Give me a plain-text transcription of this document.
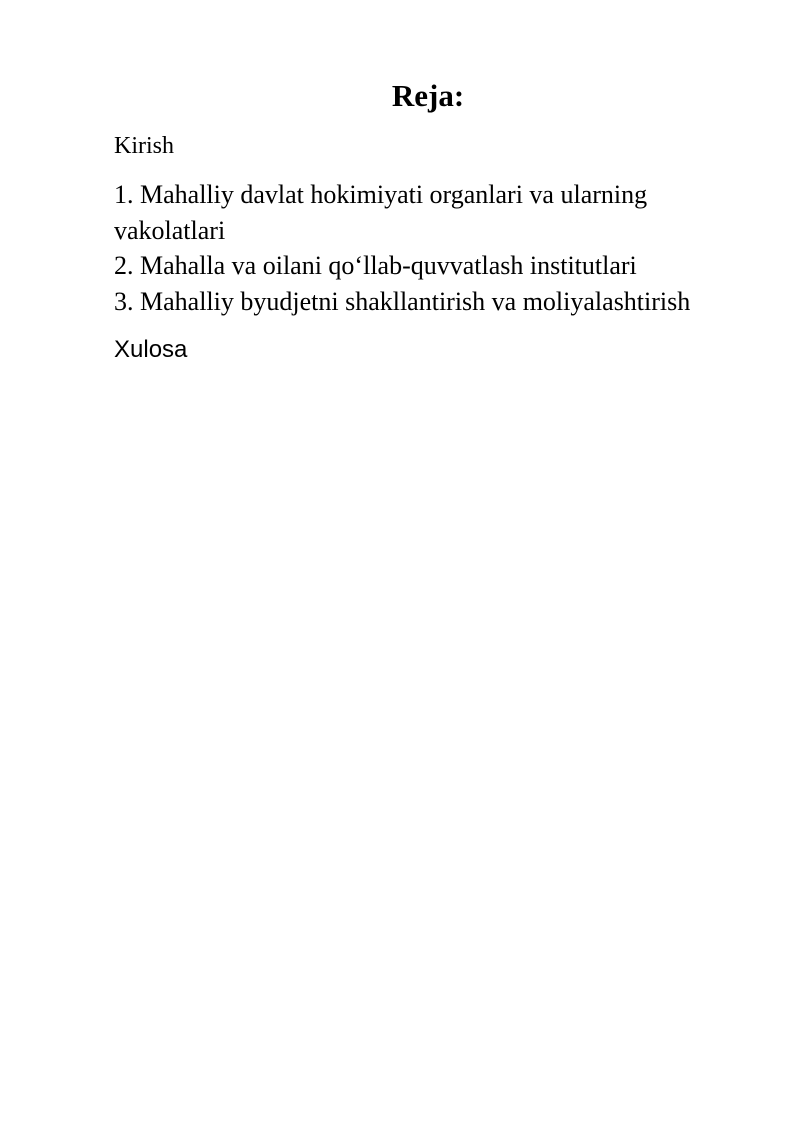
Reja:

Kirish

1. Mahalliy davlat hokimiyati organlari va ularning vakolatlari
2. Mahalla va oilani qo‘llab-quvvatlash institutlari
3. Mahalliy byudjetni shakllantirish va moliyalashtirish

Xulosa
